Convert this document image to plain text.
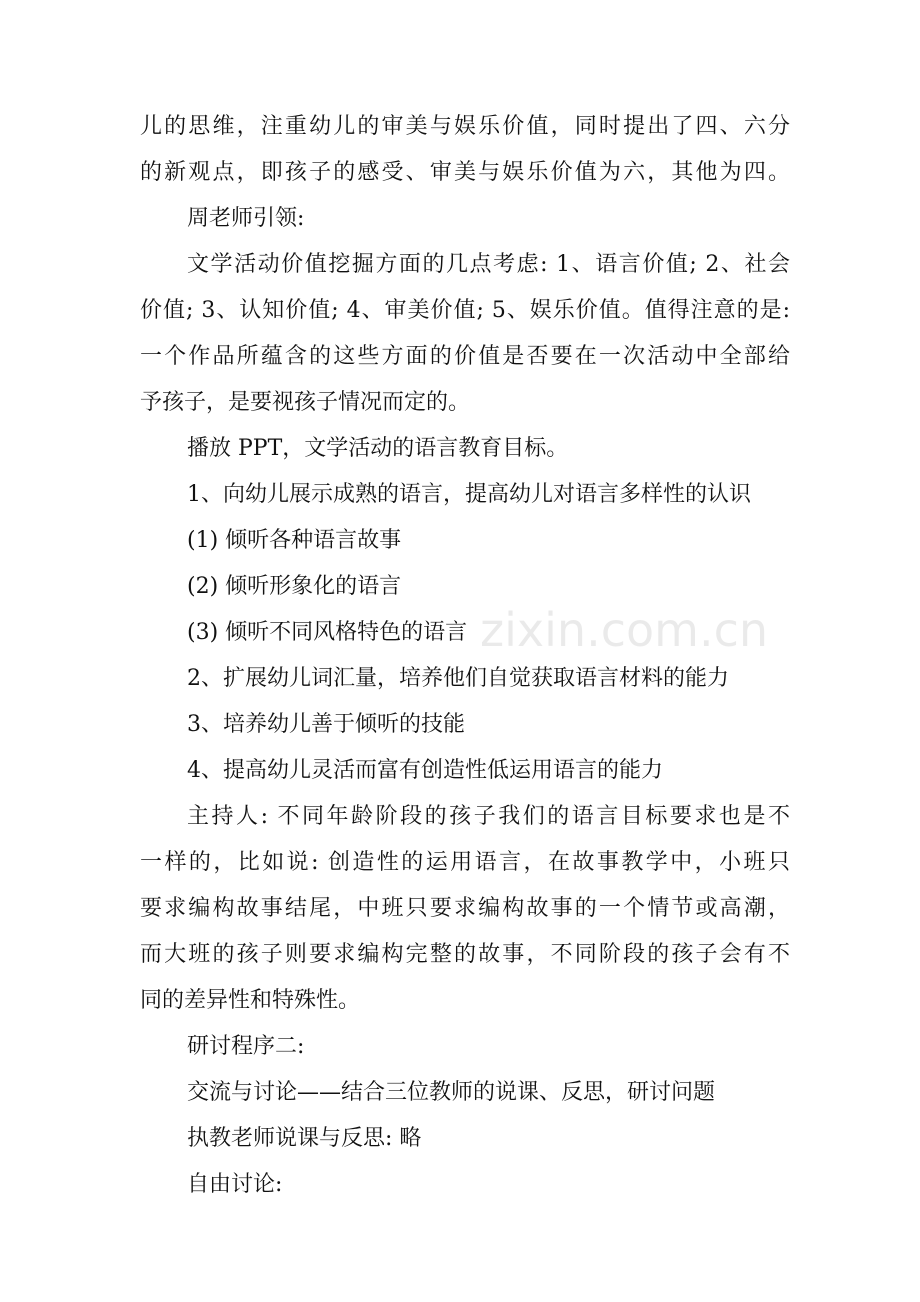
儿的思维，注重幼儿的审美与娱乐价值，同时提出了四、六分
的新观点，即孩子的感受、审美与娱乐价值为六，其他为四。
周老师引领:
文学活动价值挖掘方面的几点考虑: 1、语言价值; 2、社会
价值; 3、认知价值; 4、审美价值; 5、娱乐价值。值得注意的是:
一个作品所蕴含的这些方面的价值是否要在一次活动中全部给
予孩子，是要视孩子情况而定的。
播放 PPT，文学活动的语言教育目标。
1、向幼儿展示成熟的语言，提高幼儿对语言多样性的认识
(1) 倾听各种语言故事
(2) 倾听形象化的语言
(3) 倾听不同风格特色的语言
2、扩展幼儿词汇量，培养他们自觉获取语言材料的能力
3、培养幼儿善于倾听的技能
4、提高幼儿灵活而富有创造性低运用语言的能力
主持人: 不同年龄阶段的孩子我们的语言目标要求也是不
一样的，比如说: 创造性的运用语言，在故事教学中，小班只
要求编构故事结尾，中班只要求编构故事的一个情节或高潮，
而大班的孩子则要求编构完整的故事，不同阶段的孩子会有不
同的差异性和特殊性。
研讨程序二:
交流与讨论——结合三位教师的说课、反思，研讨问题
执教老师说课与反思: 略
自由讨论:
zixin.com.cn
